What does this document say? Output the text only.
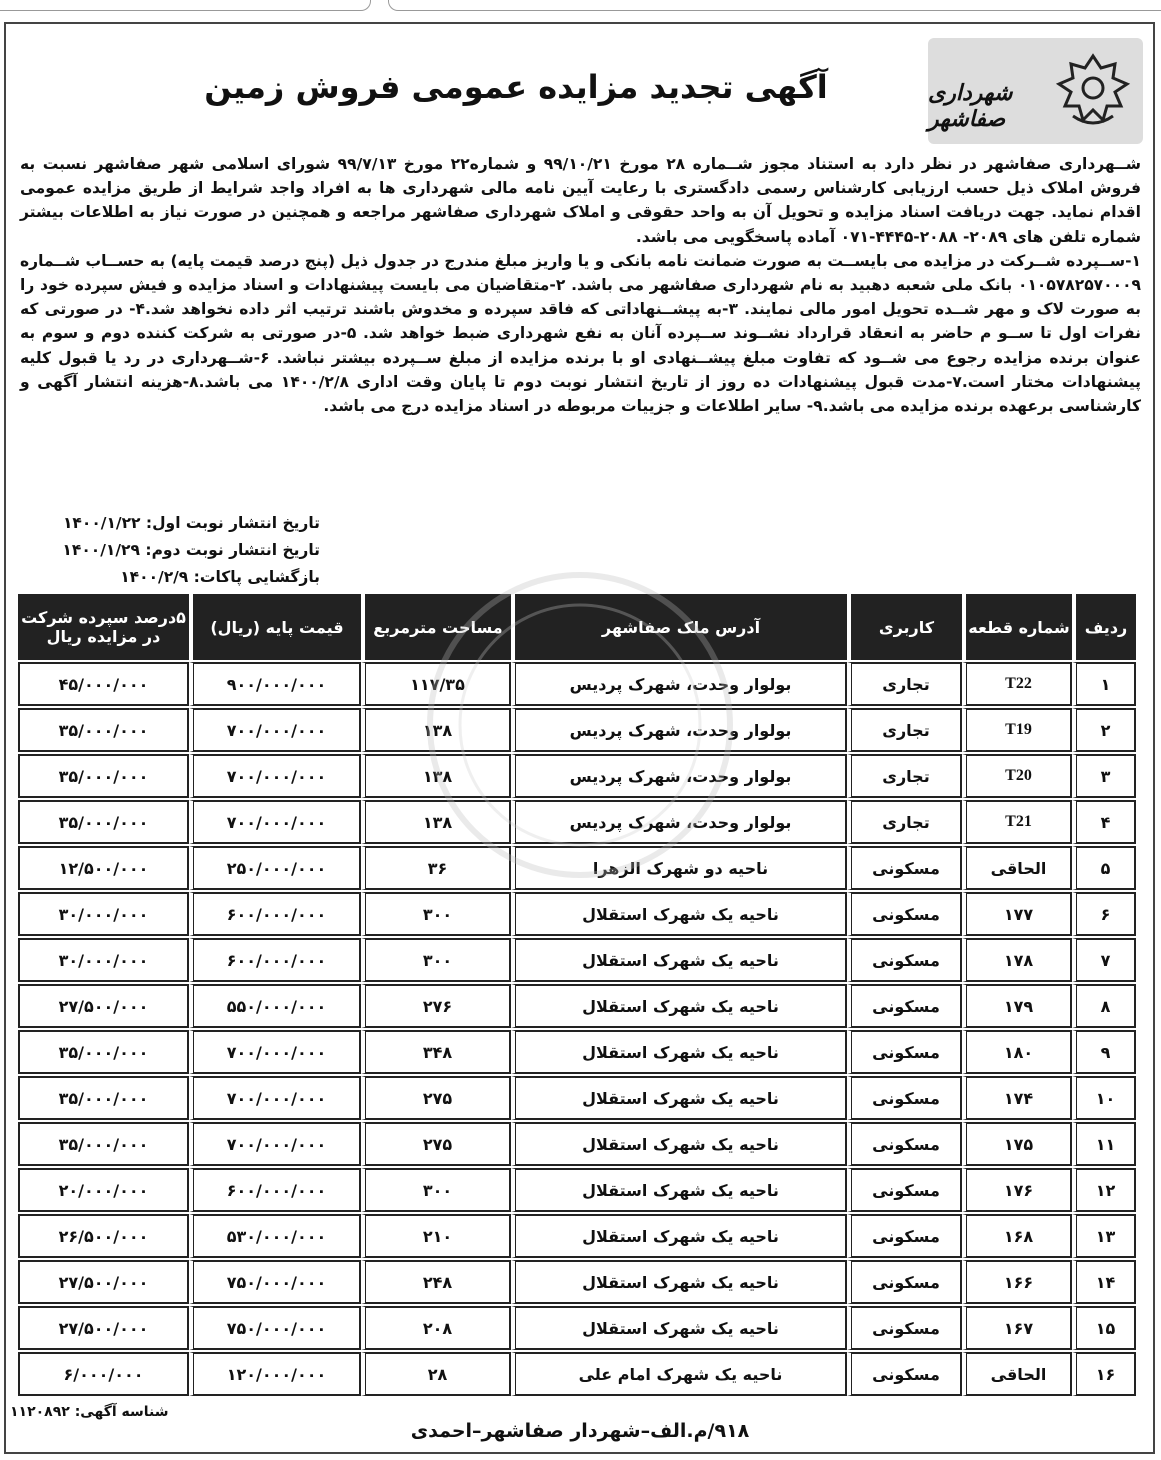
شهرداری صفاشهر
آگهی تجدید مزایده عمومی فروش زمین

شــهرداری صفاشهر در نظر دارد به استناد مجوز شــماره ۲۸ مورخ ۹۹/۱۰/۲۱ و شماره۲۲ مورخ ۹۹/۷/۱۳ شورای اسلامی شهر صفاشهر نسبت به فروش املاک ذیل حسب ارزیابی کارشناس رسمی دادگستری با رعایت آیین نامه مالی شهرداری ها به افراد واجد شرایط از طریق مزایده عمومی اقدام نماید. جهت دریافت اسناد مزایده و تحویل آن به واحد حقوقی و املاک شهرداری صفاشهر مراجعه و همچنین در صورت نیاز به اطلاعات بیشتر شماره تلفن های ۲۰۸۹- ۲۰۸۸-۴۴۴۵-۰۷۱ آماده پاسخگویی می باشد.

۱-ســپرده شــرکت در مزایده می بایســت به صورت ضمانت نامه بانکی و یا واریز مبلغ مندرج در جدول ذیل (پنج درصد قیمت پایه) به حســاب شــماره ۰۱۰۵۷۸۲۵۷۰۰۰۹ بانک ملی شعبه دهبید به نام شهرداری صفاشهر می باشد. ۲-متقاضیان می بایست پیشنهادات و اسناد مزایده و فیش سپرده خود را به صورت لاک و مهر شــده تحویل امور مالی نمایند. ۳-به پیشــنهاداتی که فاقد سپرده و مخدوش باشند ترتیب اثر داده نخواهد شد.۴- در صورتی که نفرات اول تا ســو م حاضر به انعقاد قرارداد نشــوند ســپرده آنان به نفع شهرداری ضبط خواهد شد. ۵-در صورتی به شرکت کننده دوم و سوم به عنوان برنده مزایده رجوع می شــود که تفاوت مبلغ پیشــنهادی او با برنده مزایده از مبلغ ســپرده بیشتر نباشد. ۶-شــهرداری در رد یا قبول کلیه پیشنهادات مختار است.۷-مدت قبول پیشنهادات ده روز از تاریخ انتشار نوبت دوم تا پایان وقت اداری ۱۴۰۰/۲/۸ می باشد.۸-هزینه انتشار آگهی و کارشناسی برعهده برنده مزایده می باشد.۹- سایر اطلاعات و جزییات مربوطه در اسناد مزایده درج می باشد.

تاریخ انتشار نوبت اول: ۱۴۰۰/۱/۲۲
تاریخ انتشار نوبت دوم: ۱۴۰۰/۱/۲۹
بازگشایی پاکات: ۱۴۰۰/۲/۹
ردیف	شماره قطعه	کاربری	آدرس ملک صفاشهر	مساحت مترمربع	قیمت پایه (ریال)	۵درصد سپرده شرکت در مزایده ریال
۱	T22	تجاری	بولوار وحدت، شهرک پردیس	۱۱۷/۳۵	۹۰۰/۰۰۰/۰۰۰	۴۵/۰۰۰/۰۰۰
۲	T19	تجاری	بولوار وحدت، شهرک پردیس	۱۳۸	۷۰۰/۰۰۰/۰۰۰	۳۵/۰۰۰/۰۰۰
۳	T20	تجاری	بولوار وحدت، شهرک پردیس	۱۳۸	۷۰۰/۰۰۰/۰۰۰	۳۵/۰۰۰/۰۰۰
۴	T21	تجاری	بولوار وحدت، شهرک پردیس	۱۳۸	۷۰۰/۰۰۰/۰۰۰	۳۵/۰۰۰/۰۰۰
۵	الحاقی	مسکونی	ناحیه دو شهرک الزهرا	۳۶	۲۵۰/۰۰۰/۰۰۰	۱۲/۵۰۰/۰۰۰
۶	۱۷۷	مسکونی	ناحیه یک شهرک استقلال	۳۰۰	۶۰۰/۰۰۰/۰۰۰	۳۰/۰۰۰/۰۰۰
۷	۱۷۸	مسکونی	ناحیه یک شهرک استقلال	۳۰۰	۶۰۰/۰۰۰/۰۰۰	۳۰/۰۰۰/۰۰۰
۸	۱۷۹	مسکونی	ناحیه یک شهرک استقلال	۲۷۶	۵۵۰/۰۰۰/۰۰۰	۲۷/۵۰۰/۰۰۰
۹	۱۸۰	مسکونی	ناحیه یک شهرک استقلال	۳۴۸	۷۰۰/۰۰۰/۰۰۰	۳۵/۰۰۰/۰۰۰
۱۰	۱۷۴	مسکونی	ناحیه یک شهرک استقلال	۲۷۵	۷۰۰/۰۰۰/۰۰۰	۳۵/۰۰۰/۰۰۰
۱۱	۱۷۵	مسکونی	ناحیه یک شهرک استقلال	۲۷۵	۷۰۰/۰۰۰/۰۰۰	۳۵/۰۰۰/۰۰۰
۱۲	۱۷۶	مسکونی	ناحیه یک شهرک استقلال	۳۰۰	۶۰۰/۰۰۰/۰۰۰	۲۰/۰۰۰/۰۰۰
۱۳	۱۶۸	مسکونی	ناحیه یک شهرک استقلال	۲۱۰	۵۳۰/۰۰۰/۰۰۰	۲۶/۵۰۰/۰۰۰
۱۴	۱۶۶	مسکونی	ناحیه یک شهرک استقلال	۲۴۸	۷۵۰/۰۰۰/۰۰۰	۲۷/۵۰۰/۰۰۰
۱۵	۱۶۷	مسکونی	ناحیه یک شهرک استقلال	۲۰۸	۷۵۰/۰۰۰/۰۰۰	۲۷/۵۰۰/۰۰۰
۱۶	الحاقی	مسکونی	ناحیه یک شهرک امام علی	۲۸	۱۲۰/۰۰۰/۰۰۰	۶/۰۰۰/۰۰۰
شناسه آگهی: ۱۱۲۰۸۹۲
۹۱۸/م.الف–شهردار صفاشهر–احمدی
